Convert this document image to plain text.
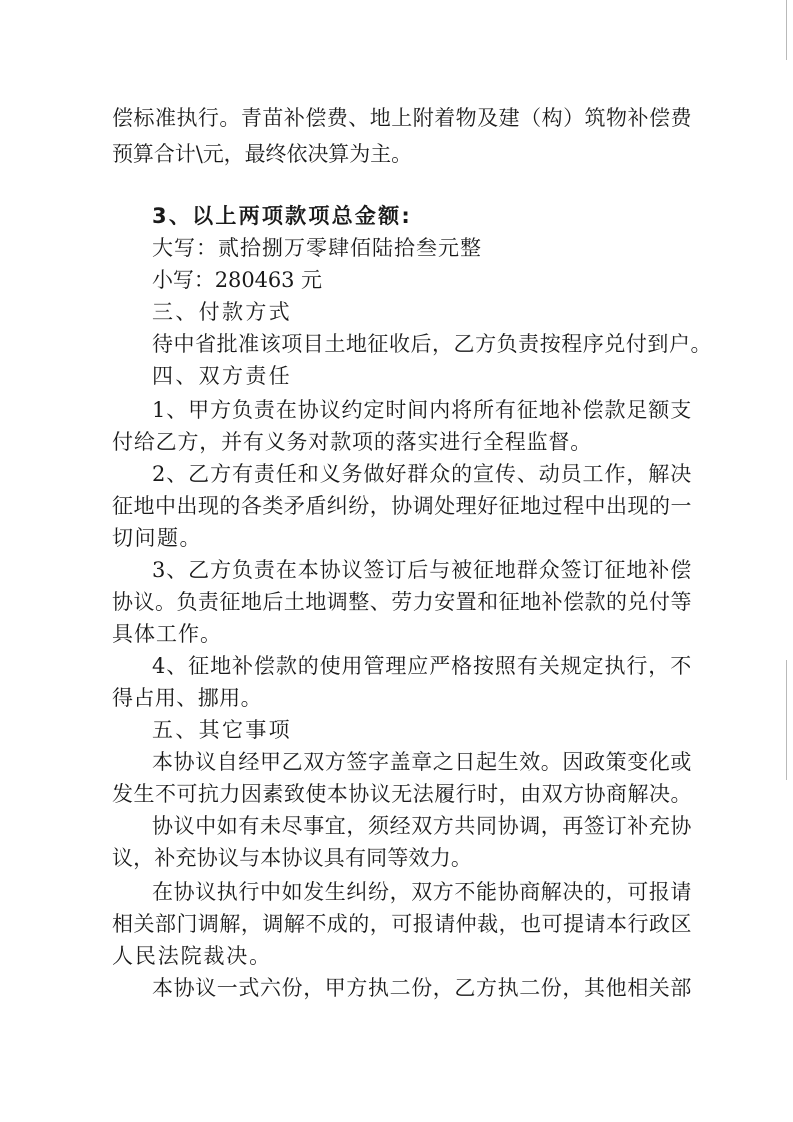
偿标准执行。青苗补偿费、地上附着物及建（构）筑物补偿费
预算合计\元，最终依决算为主。
3、以上两项款项总金额:
大写：贰拾捌万零肆佰陆拾叁元整
小写：280463 元
三、付款方式
待中省批准该项目土地征收后，乙方负责按程序兑付到户。
四、双方责任
1、甲方负责在协议约定时间内将所有征地补偿款足额支
付给乙方，并有义务对款项的落实进行全程监督。
2、乙方有责任和义务做好群众的宣传、动员工作，解决
征地中出现的各类矛盾纠纷，协调处理好征地过程中出现的一
切问题。
3、乙方负责在本协议签订后与被征地群众签订征地补偿
协议。负责征地后土地调整、劳力安置和征地补偿款的兑付等
具体工作。
4、征地补偿款的使用管理应严格按照有关规定执行，不
得占用、挪用。
五、其它事项
本协议自经甲乙双方签字盖章之日起生效。因政策变化或
发生不可抗力因素致使本协议无法履行时，由双方协商解决。
协议中如有未尽事宜，须经双方共同协调，再签订补充协
议，补充协议与本协议具有同等效力。
在协议执行中如发生纠纷，双方不能协商解决的，可报请
相关部门调解，调解不成的，可报请仲裁，也可提请本行政区
人民法院裁决。
本协议一式六份，甲方执二份，乙方执二份，其他相关部
